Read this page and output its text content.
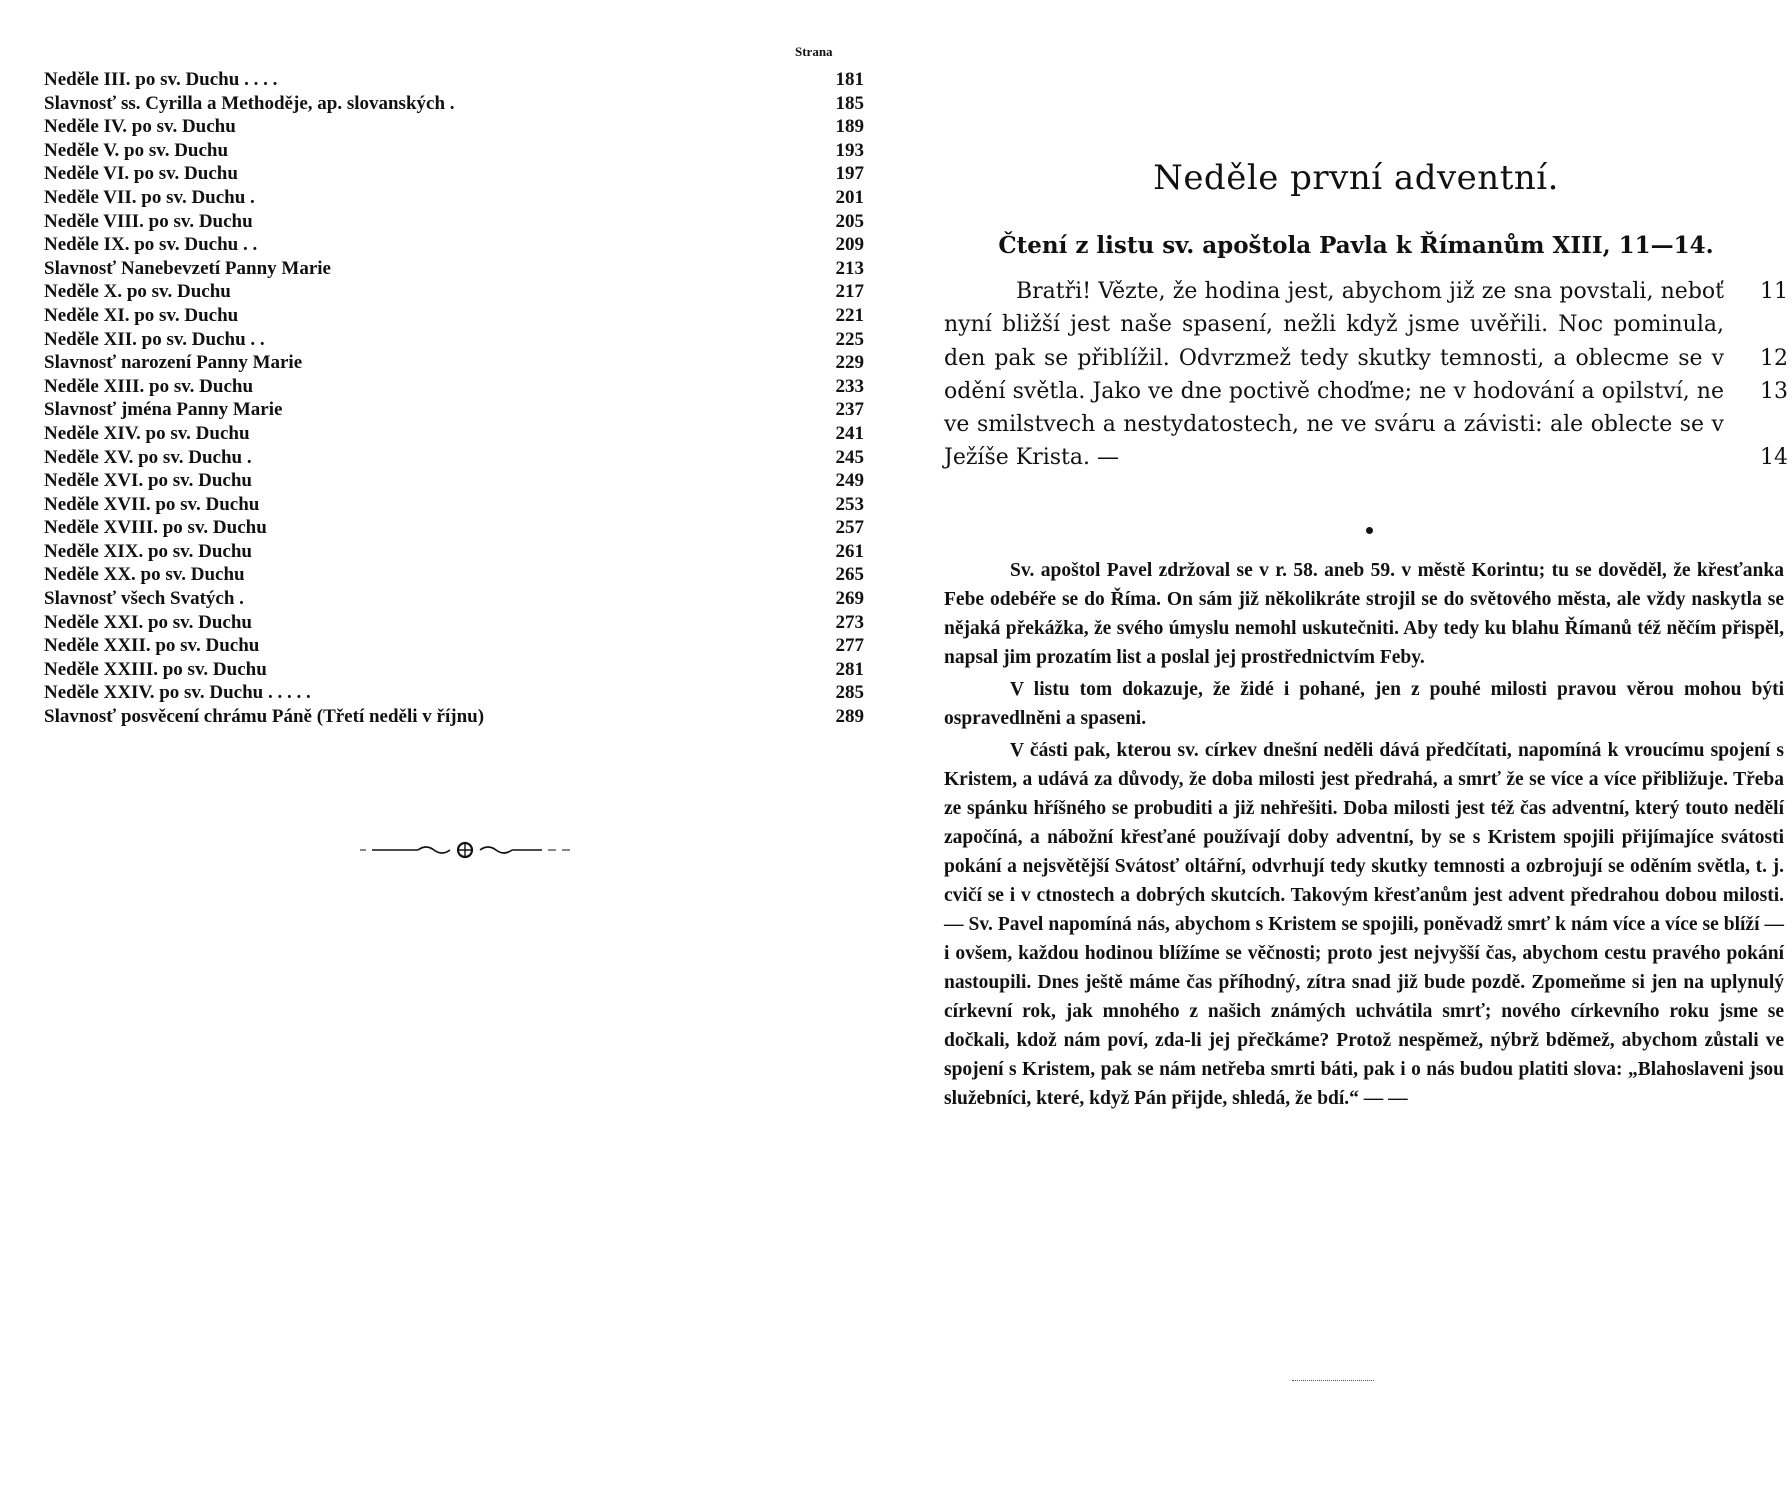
Strana
Neděle III. po sv. Duchu . . . .	181
Slavnosť ss. Cyrilla a Methoděje, ap. slovanských .	185
Neděle IV. po sv. Duchu	189
Neděle V. po sv. Duchu	193
Neděle VI. po sv. Duchu	197
Neděle VII. po sv. Duchu .	201
Neděle VIII. po sv. Duchu	205
Neděle IX. po sv. Duchu . .	209
Slavnosť Nanebevzetí Panny Marie	213
Neděle X. po sv. Duchu	217
Neděle XI. po sv. Duchu	221
Neděle XII. po sv. Duchu . .	225
Slavnosť narození Panny Marie	229
Neděle XIII. po sv. Duchu	233
Slavnosť jména Panny Marie	237
Neděle XIV. po sv. Duchu	241
Neděle XV. po sv. Duchu .	245
Neděle XVI. po sv. Duchu	249
Neděle XVII. po sv. Duchu	253
Neděle XVIII. po sv. Duchu	257
Neděle XIX. po sv. Duchu	261
Neděle XX. po sv. Duchu	265
Slavnosť všech Svatých .	269
Neděle XXI. po sv. Duchu	273
Neděle XXII. po sv. Duchu	277
Neděle XXIII. po sv. Duchu	281
Neděle XXIV. po sv. Duchu . . . . .	285
Slavnosť posvěcení chrámu Páně (Třetí neděli v říjnu)	289
Neděle první adventní.
Čtení z listu sv. apoštola Pavla k Římanům XIII, 11—14.

Bratři! Vězte, že hodina jest, abychom již ze sna povstali, neboť nyní bližší jest naše spasení, nežli když jsme uvěřili. Noc pominula, den pak se přiblížil. Odvrzmež tedy skutky temnosti, a oblecme se v odění světla. Jako ve dne poctivě choďme; ne v hodování a opilství, ne ve smilstvech a nestydatostech, ne ve sváru a závisti: ale oblecte se v Ježíše Krista. —

11

12
13

14

Sv. apoštol Pavel zdržoval se v r. 58. aneb 59. v městě Korintu; tu se dověděl, že křesťanka Febe odebéře se do Říma. On sám již několikráte strojil se do světového města, ale vždy naskytla se nějaká překážka, že svého úmyslu nemohl uskutečniti. Aby tedy ku blahu Římanů též něčím přispěl, napsal jim prozatím list a poslal jej prostřednictvím Feby.

V listu tom dokazuje, že židé i pohané, jen z pouhé milosti pravou věrou mohou býti ospravedlněni a spaseni.

V části pak, kterou sv. církev dnešní neděli dává předčítati, napomíná k vroucímu spojení s Kristem, a udává za důvody, že doba milosti jest předrahá, a smrť že se více a více přibližuje. Třeba ze spánku hříšného se probuditi a již nehřešiti. Doba milosti jest též čas adventní, který touto nedělí započíná, a nábožní křesťané používají doby adventní, by se s Kristem spojili přijímajíce svátosti pokání a nejsvětější Svátosť oltářní, odvrhují tedy skutky temnosti a ozbrojují se oděním světla, t. j. cvičí se i v ctnostech a dobrých skutcích. Takovým křesťanům jest advent předrahou dobou milosti. — Sv. Pavel napomíná nás, abychom s Kristem se spojili, poněvadž smrť k nám více a více se blíží — i ovšem, každou hodinou blížíme se věčnosti; proto jest nejvyšší čas, abychom cestu pravého pokání nastoupili. Dnes ještě máme čas příhodný, zítra snad již bude pozdě. Zpomeňme si jen na uplynulý církevní rok, jak mnohého z našich známých uchvátila smrť; nového církevního roku jsme se dočkali, kdož nám poví, zda-li jej přečkáme? Protož nespěmež, nýbrž bděmež, abychom zůstali ve spojení s Kristem, pak se nám netřeba smrti báti, pak i o nás budou platiti slova: „Blahoslaveni jsou služebníci, které, když Pán přijde, shledá, že bdí.“ — —
